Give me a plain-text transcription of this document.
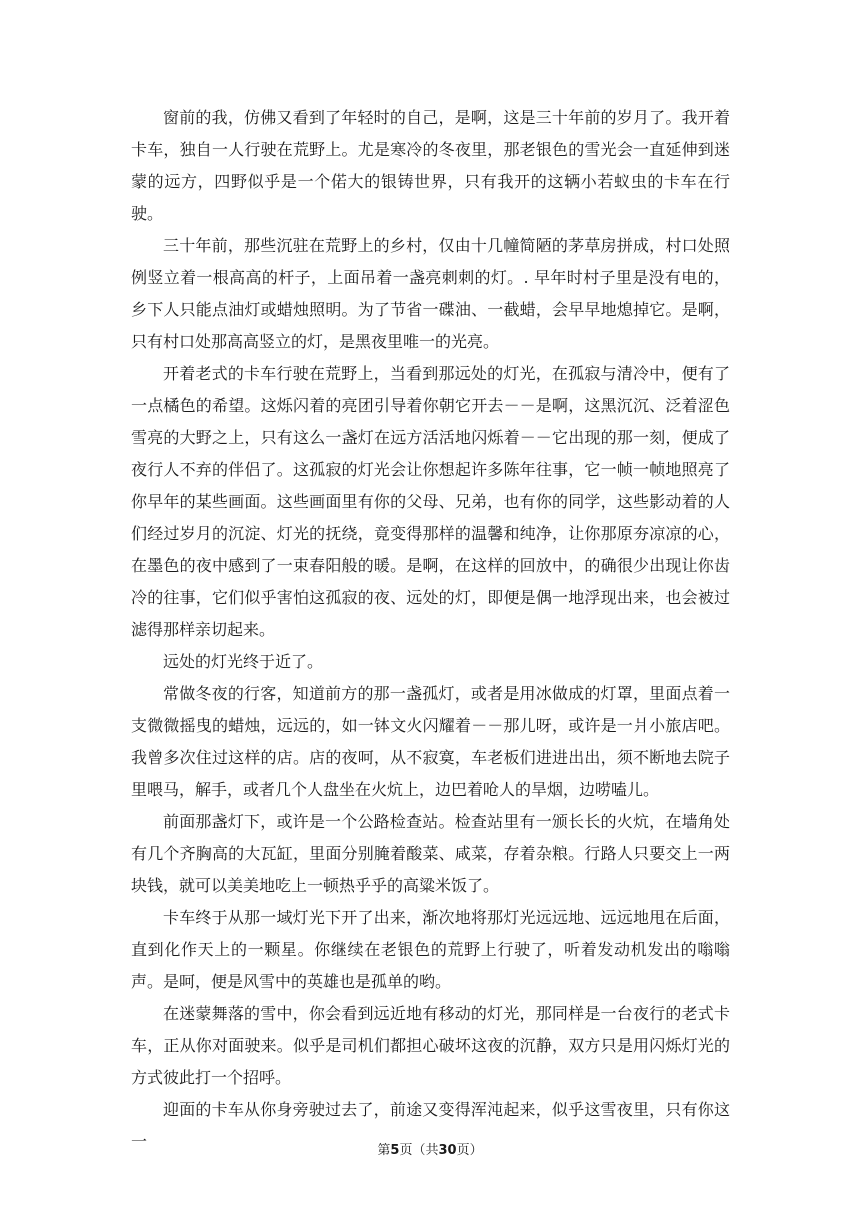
窗前的我，仿佛又看到了年轻时的自己，是啊，这是三十年前的岁月了。我开着卡车，独自一人行驶在荒野上。尤是寒冷的冬夜里，那老银色的雪光会一直延伸到迷蒙的远方，四野似乎是一个偌大的银铸世界，只有我开的这辆小若蚁虫的卡车在行驶。

三十年前，那些沉驻在荒野上的乡村，仅由十几幢简陋的茅草房拼成，村口处照例竖立着一根高高的杆子，上面吊着一盏亮刺刺的灯。. 早年时村子里是没有电的，乡下人只能点油灯或蜡烛照明。为了节省一碟油、一截蜡，会早早地熄掉它。是啊，只有村口处那高高竖立的灯，是黑夜里唯一的光亮。

开着老式的卡车行驶在荒野上，当看到那远处的灯光，在孤寂与清冷中，便有了一点橘色的希望。这烁闪着的亮团引导着你朝它开去－－是啊，这黑沉沉、泛着涩色雪亮的大野之上，只有这么一盏灯在远方活活地闪烁着－－它出现的那一刻，便成了夜行人不弃的伴侣了。这孤寂的灯光会让你想起许多陈年往事，它一帧一帧地照亮了你早年的某些画面。这些画面里有你的父母、兄弟，也有你的同学，这些影动着的人们经过岁月的沉淀、灯光的抚绕，竟变得那样的温馨和纯净，让你那原夯凉凉的心，在墨色的夜中感到了一束春阳般的暖。是啊，在这样的回放中，的确很少出现让你齿冷的往事，它们似乎害怕这孤寂的夜、远处的灯，即便是偶一地浮现出来，也会被过滤得那样亲切起来。

远处的灯光终于近了。

常做冬夜的行客，知道前方的那一盏孤灯，或者是用冰做成的灯罩，里面点着一支微微摇曳的蜡烛，远远的，如一钵文火闪耀着－－那儿呀，或许是一爿小旅店吧。我曾多次住过这样的店。店的夜呵，从不寂寞，车老板们进进出出，须不断地去院子里喂马，解手，或者几个人盘坐在火炕上，边巴着呛人的旱烟，边唠嗑儿。

前面那盏灯下，或许是一个公路检查站。检查站里有一颁长长的火炕，在墙角处有几个齐胸高的大瓦缸，里面分别腌着酸菜、咸菜，存着杂粮。行路人只要交上一两块钱，就可以美美地吃上一顿热乎乎的高粱米饭了。

卡车终于从那一域灯光下开了出来，渐次地将那灯光远远地、远远地甩在后面，直到化作天上的一颗星。你继续在老银色的荒野上行驶了，听着发动机发出的嗡嗡声。是呵，便是风雪中的英雄也是孤单的哟。

在迷蒙舞落的雪中，你会看到远近地有移动的灯光，那同样是一台夜行的老式卡车，正从你对面驶来。似乎是司机们都担心破坏这夜的沉静，双方只是用闪烁灯光的方式彼此打一个招呼。

迎面的卡车从你身旁驶过去了，前途又变得浑沌起来，似乎这雪夜里，只有你这一	第5页（共30页）
